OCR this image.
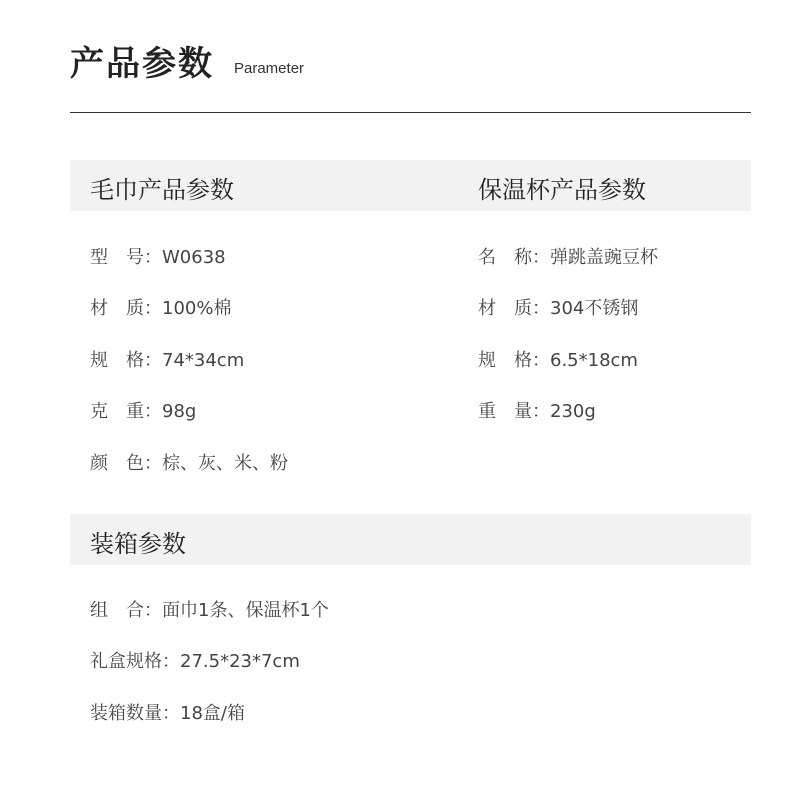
产品参数 Parameter
毛巾产品参数	保温杯产品参数
型　号：W0638
材　质：100%棉
规　格：74*34cm
克　重：98g
颜　色：棕、灰、米、粉
名　称：弹跳盖豌豆杯
材　质：304不锈钢
规　格：6.5*18cm
重　量：230g
装箱参数
组　合：面巾1条、保温杯1个
礼盒规格：27.5*23*7cm
装箱数量：18盒/箱
